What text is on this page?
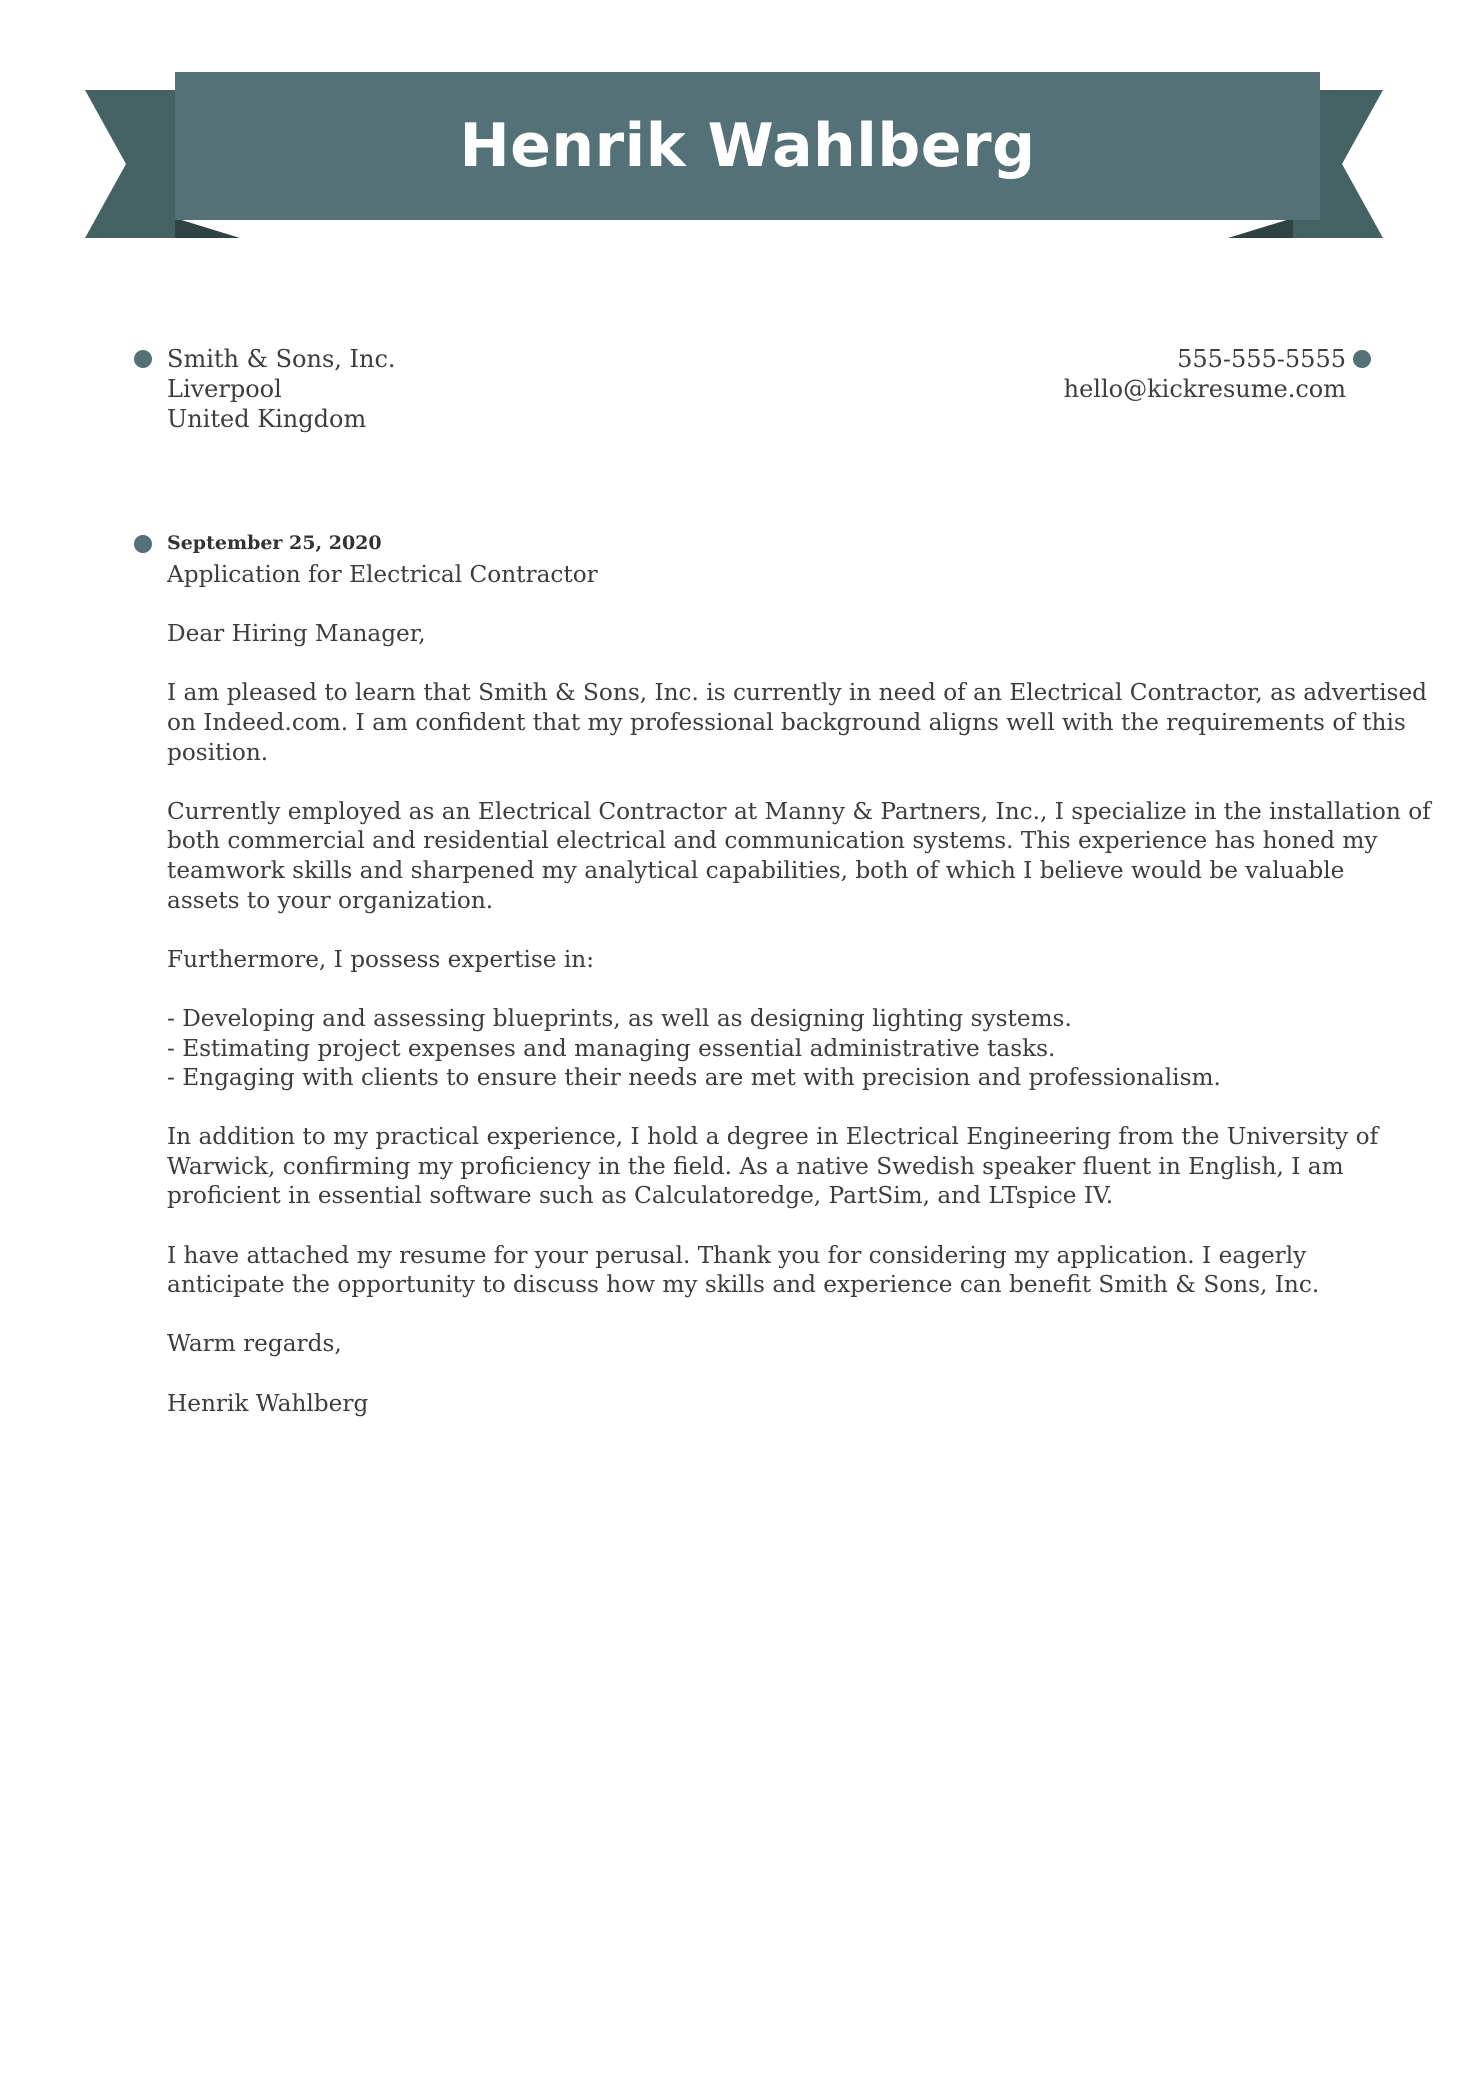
Henrik Wahlberg
Smith & Sons, Inc.
Liverpool
United Kingdom
555-555-5555
hello@kickresume.com
September 25, 2020

Application for Electrical Contractor

Dear Hiring Manager,

I am pleased to learn that Smith & Sons, Inc. is currently in need of an Electrical Contractor, as advertised
on Indeed.com. I am confident that my professional background aligns well with the requirements of this
position.

Currently employed as an Electrical Contractor at Manny & Partners, Inc., I specialize in the installation of
both commercial and residential electrical and communication systems. This experience has honed my
teamwork skills and sharpened my analytical capabilities, both of which I believe would be valuable
assets to your organization.

Furthermore, I possess expertise in:

- Developing and assessing blueprints, as well as designing lighting systems.
- Estimating project expenses and managing essential administrative tasks.
- Engaging with clients to ensure their needs are met with precision and professionalism.

In addition to my practical experience, I hold a degree in Electrical Engineering from the University of
Warwick, confirming my proficiency in the field. As a native Swedish speaker fluent in English, I am
proficient in essential software such as Calculatoredge, PartSim, and LTspice IV.

I have attached my resume for your perusal. Thank you for considering my application. I eagerly
anticipate the opportunity to discuss how my skills and experience can benefit Smith & Sons, Inc.

Warm regards,

Henrik Wahlberg
